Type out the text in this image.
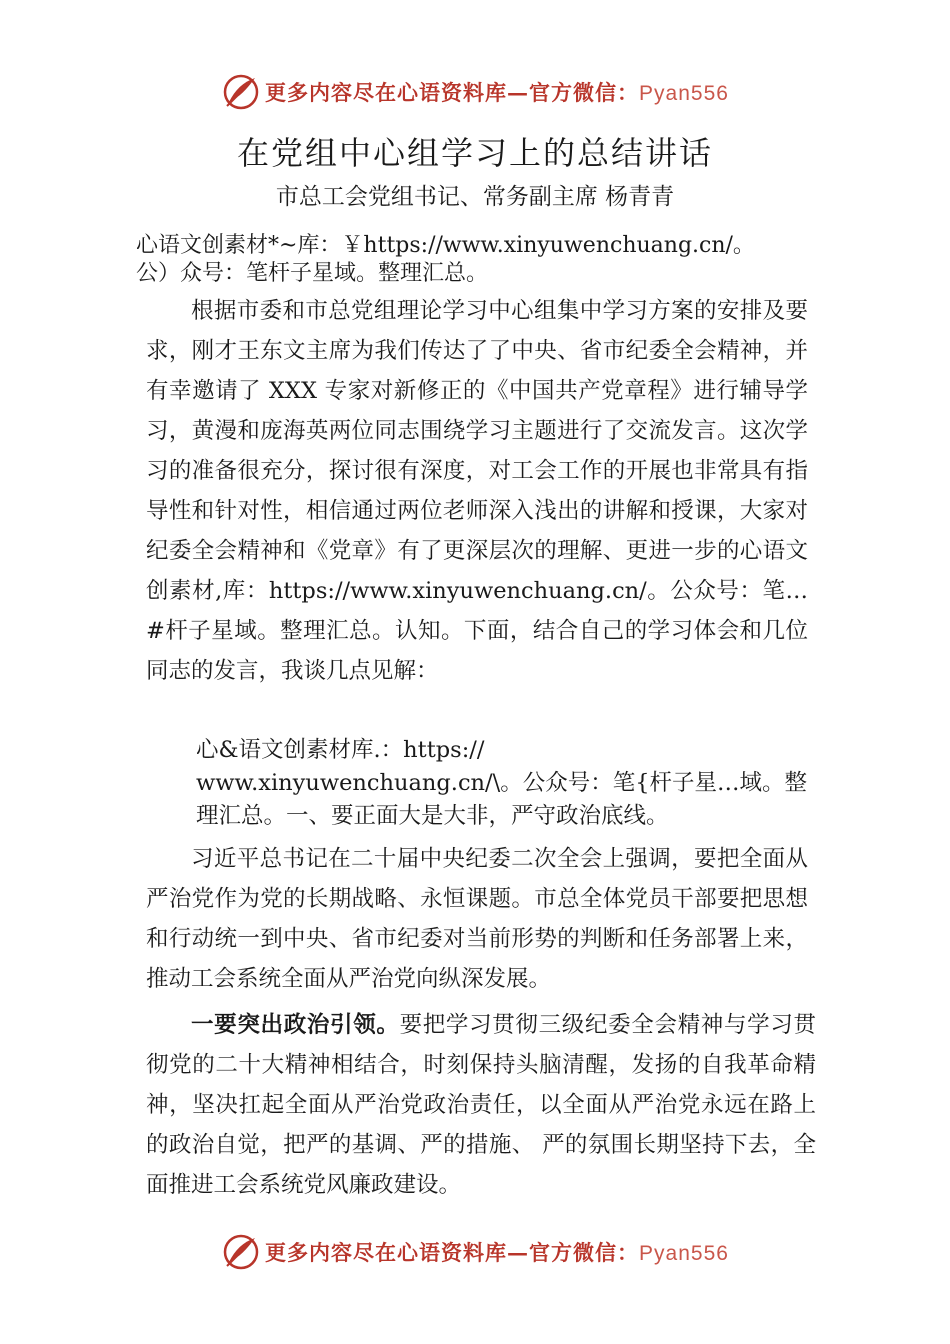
更多内容尽在心语资料库—官方微信：Pyan556
在党组中心组学习上的总结讲话

市总工会党组书记、常务副主席 杨青青

心语文创素材*~库：￥https://www.xinyuwenchuang.cn/。
公）众号：笔杆子星域。整理汇总。

根据市委和市总党组理论学习中心组集中学习方案的安排及要求，刚才王东文主席为我们传达了了中央、省市纪委全会精神，并有幸邀请了 XXX 专家对新修正的《中国共产党章程》进行辅导学习，黄漫和庞海英两位同志围绕学习主题进行了交流发言。这次学习的准备很充分，探讨很有深度，对工会工作的开展也非常具有指导性和针对性，相信通过两位老师深入浅出的讲解和授课，大家对纪委全会精神和《党章》有了更深层次的理解、更进一步的心语文创素材,库：https://www.xinyuwenchuang.cn/。公众号：笔…#杆子星域。整理汇总。认知。下面，结合自己的学习体会和几位同志的发言，我谈几点见解：

心&语文创素材库.：https://
www.xinyuwenchuang.cn/\。公众号：笔{杆子星…域。整
理汇总。一、要正面大是大非，严守政治底线。

习近平总书记在二十届中央纪委二次全会上强调，要把全面从严治党作为党的长期战略、永恒课题。市总全体党员干部要把思想和行动统一到中央、省市纪委对当前形势的判断和任务部署上来，推动工会系统全面从严治党向纵深发展。

一要突出政治引领。要把学习贯彻三级纪委全会精神与学习贯彻党的二十大精神相结合，时刻保持头脑清醒，发扬的自我革命精神，坚决扛起全面从严治党政治责任，以全面从严治党永远在路上的政治自觉，把严的基调、严的措施、 严的氛围长期坚持下去，全面推进工会系统党风廉政建设。

更多内容尽在心语资料库—官方微信：Pyan556
